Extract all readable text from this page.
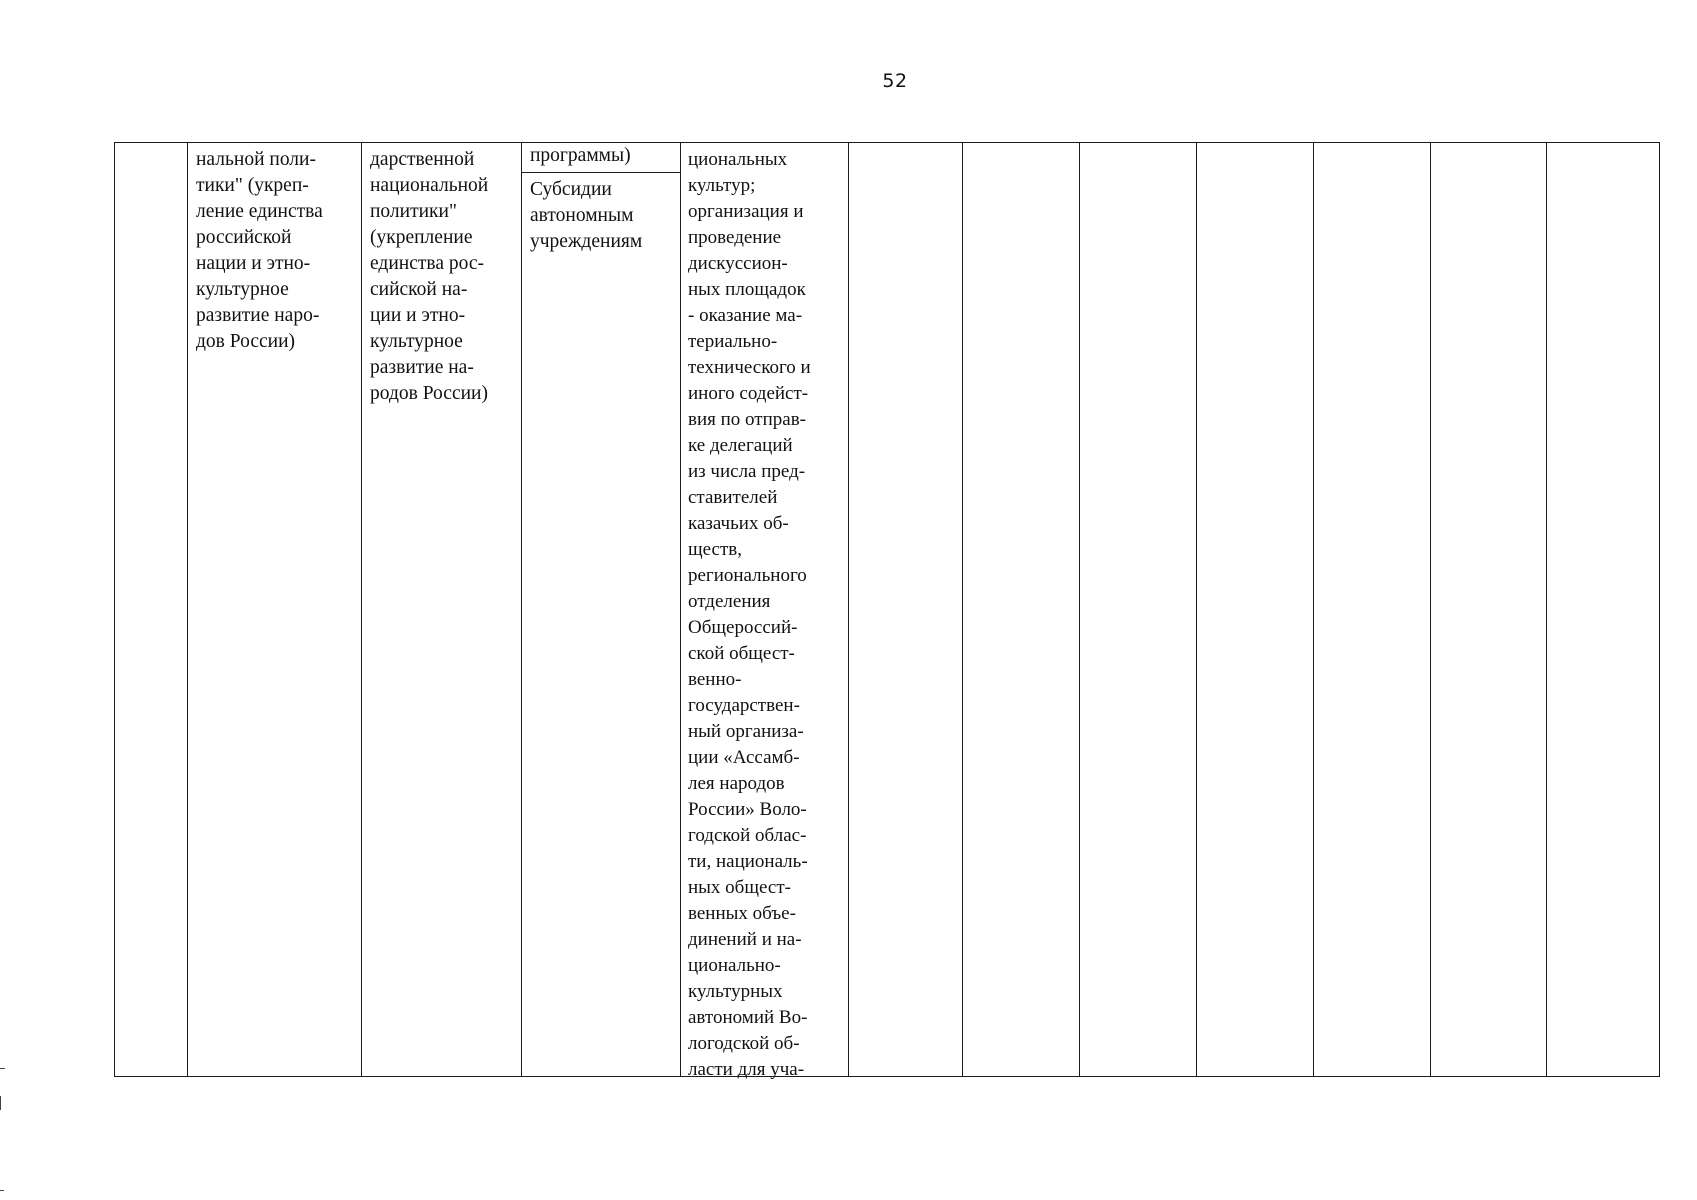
52
нальной поли-
тики" (укреп-
ление единства
российской
нации и этно-
культурное
развитие наро-
дов России)
дарственной
национальной
политики"
(укрепление
единства рос-
сийской на-
ции и этно-
культурное
развитие на-
родов России)
программы)
Субсидии
автономным
учреждениям
циональных
культур;
организация и
проведение
дискуссион-
ных площадок
- оказание ма-
териально-
технического и
иного содейст-
вия по отправ-
ке делегаций
из числа пред-
ставителей
казачьих об-
ществ,
регионального
отделения
Общероссий-
ской общест-
венно-
государствен-
ный организа-
ции «Ассамб-
лея народов
России» Воло-
годской облас-
ти, националь-
ных общест-
венных объе-
динений и на-
ционально-
культурных
автономий Во-
логодской об-
ласти для уча-
